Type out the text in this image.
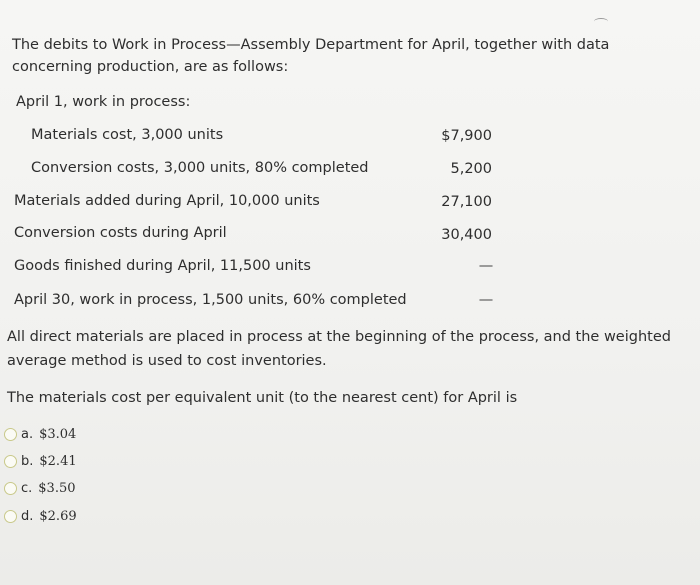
The debits to Work in Process—Assembly Department for April, together with data concerning production, are as follows:
April 1, work in process:
Materials cost, 3,000 units	$7,900
Conversion costs, 3,000 units, 80% completed	5,200
Materials added during April, 10,000 units	27,100
Conversion costs during April	30,400
Goods finished during April, 11,500 units	—
April 30, work in process, 1,500 units, 60% completed	—
All direct materials are placed in process at the beginning of the process, and the weighted average method is used to cost inventories.
The materials cost per equivalent unit (to the nearest cent) for April is
a. $3.04
b. $2.41
c. $3.50
d. $2.69
